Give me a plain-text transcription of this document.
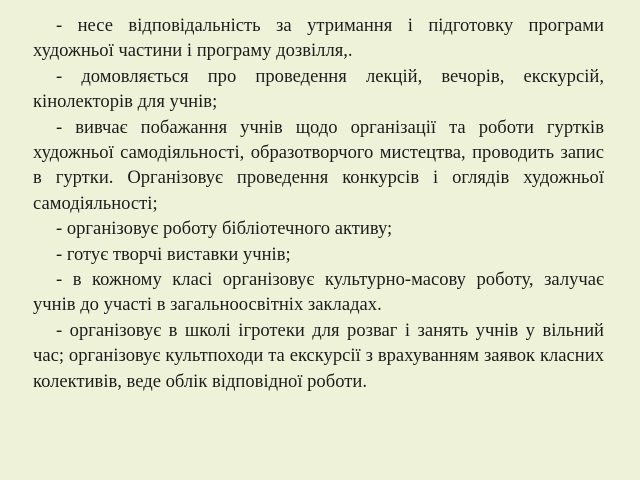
- несе відповідальність за утримання і підготовку програми художньої частини і програму дозвілля,.

- домовляється про проведення лекцій, вечорів, екскурсій, кінолекторів для учнів;

- вивчає побажання учнів щодо організації та роботи гуртків художньої самодіяльності, образотворчого мистецтва, проводить запис в гуртки. Організовує проведення конкурсів і оглядів художньої самодіяльності;

- організовує роботу бібліотечного активу;

- готує творчі виставки учнів;

- в кожному класі організовує культурно-масову роботу, залучає учнів до участі в загальноосвітніх закладах.

- організовує в школі ігротеки для розваг і занять учнів у вільний час; організовує культпоходи та екскурсії з врахуванням заявок класних колективів, веде облік відповідної роботи.
